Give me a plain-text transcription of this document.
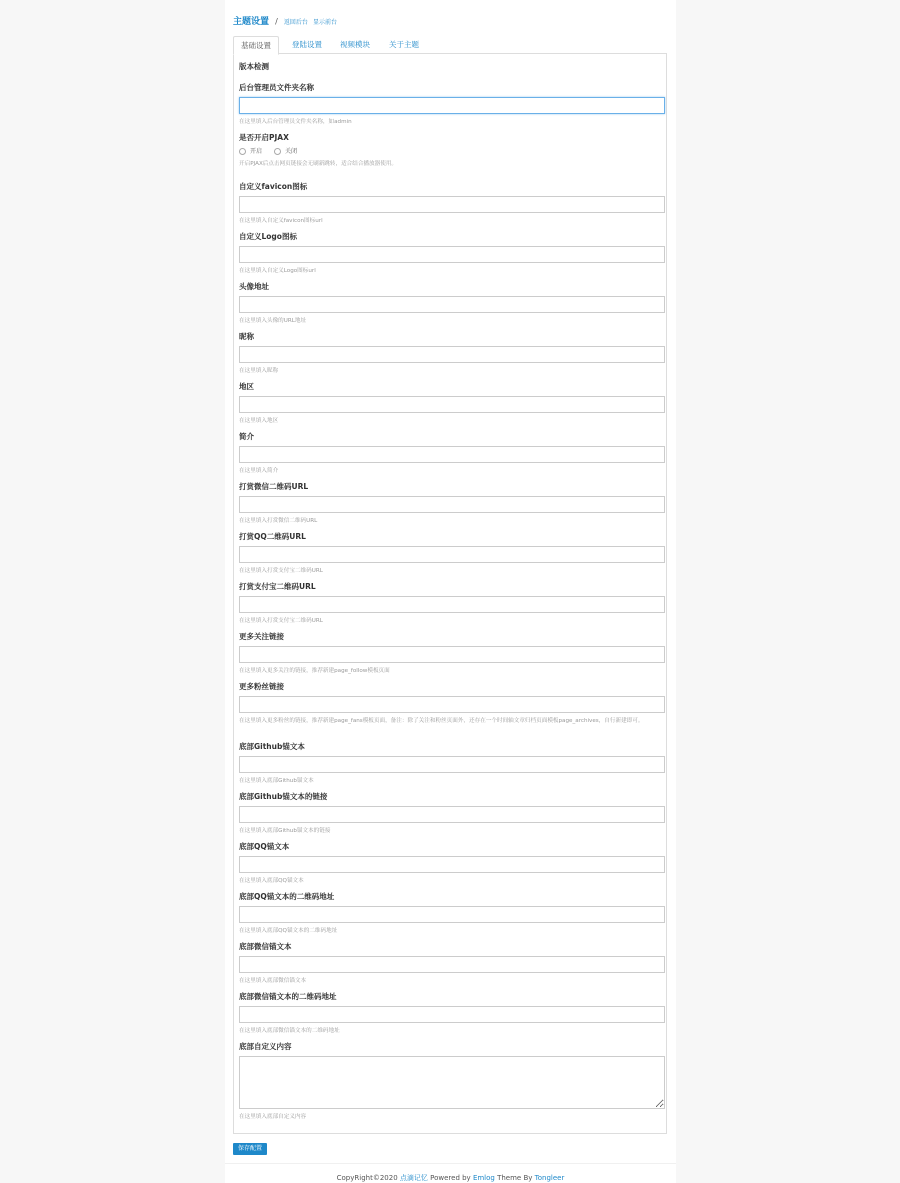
主题设置 / 返回后台 显示前台
基础设置	登陆设置	视频模块	关于主题
版本检测
后台管理员文件夹名称
在这里填入后台管理员文件夹名称，如admin
是否开启PJAX
开启	关闭
开启PJAX后点击网页链接会无刷新跳转，适合结合播放器使用。
自定义favicon图标
在这里填入自定义favicon图标url
自定义Logo图标
在这里填入自定义Logo图标url
头像地址
在这里填入头像的URL地址
昵称
在这里填入昵称
地区
在这里填入地区
简介
在这里填入简介
打赏微信二维码URL
在这里填入打赏微信二维码URL
打赏QQ二维码URL
在这里填入打赏支付宝二维码URL
打赏支付宝二维码URL
在这里填入打赏支付宝二维码URL
更多关注链接
在这里填入更多关注的链接，推荐新建page_follow模板页面
更多粉丝链接
在这里填入更多粉丝的链接，推荐新建page_fans模板页面，备注：除了关注和粉丝页面外，还存在一个时间轴文章归档页面模板page_archives，自行新建即可。
底部Github锚文本
在这里填入底部Github锚文本
底部Github锚文本的链接
在这里填入底部Github锚文本的链接
底部QQ锚文本
在这里填入底部QQ锚文本
底部QQ锚文本的二维码地址
在这里填入底部QQ锚文本的二维码地址
底部微信锚文本
在这里填入底部微信锚文本
底部微信锚文本的二维码地址
在这里填入底部微信锚文本的二维码地址
底部自定义内容
在这里填入底部自定义内容
保存配置
CopyRight©2020 点滴记忆 Powered by Emlog Theme By Tongleer
